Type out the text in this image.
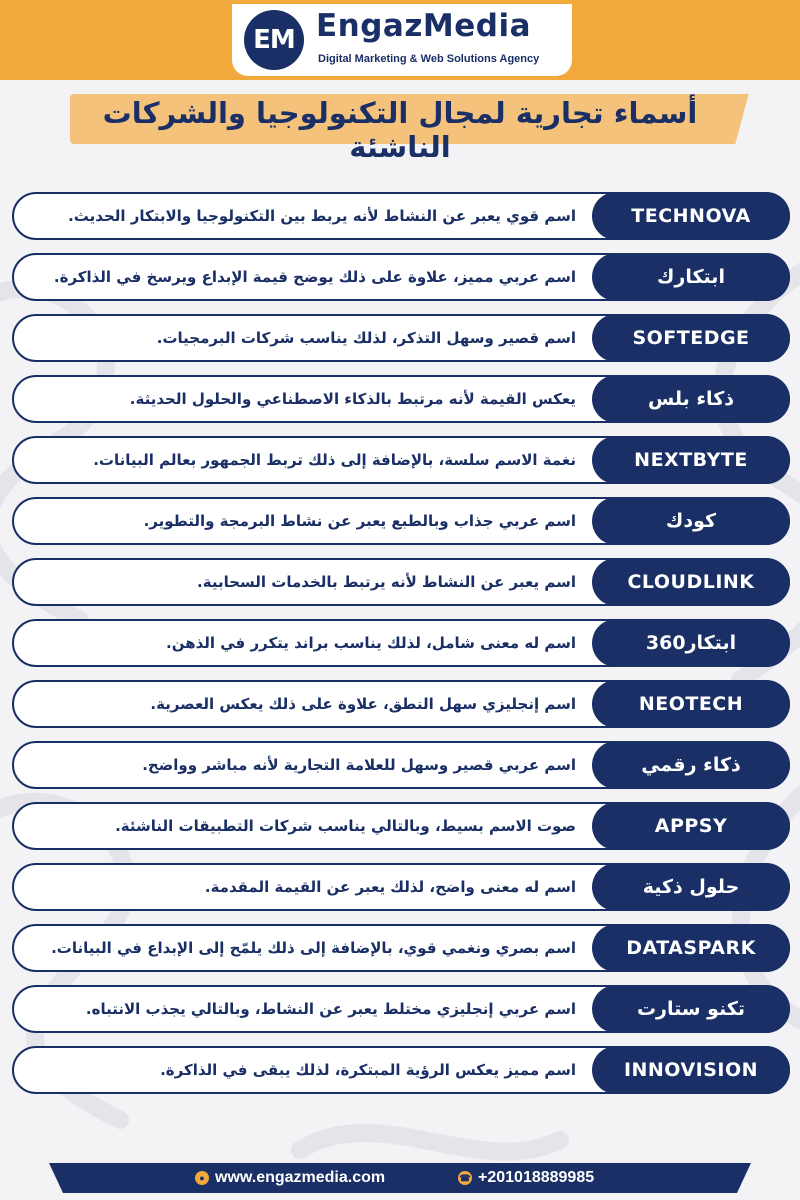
EM EngazMedia
Digital Marketing & Web Solutions Agency
أسماء تجارية لمجال التكنولوجيا والشركات الناشئة
اسم قوي يعبر عن النشاط لأنه يربط بين التكنولوجيا والابتكار الحديث.	TECHNOVA
اسم عربي مميز، علاوة على ذلك يوضح قيمة الإبداع ويرسخ في الذاكرة.	ابتكارك
اسم قصير وسهل التذكر، لذلك يناسب شركات البرمجيات.	SOFTEDGE
يعكس القيمة لأنه مرتبط بالذكاء الاصطناعي والحلول الحديثة.	ذكاء بلس
نغمة الاسم سلسة، بالإضافة إلى ذلك تربط الجمهور بعالم البيانات.	NEXTBYTE
اسم عربي جذاب وبالطبع يعبر عن نشاط البرمجة والتطوير.	كودك
اسم يعبر عن النشاط لأنه يرتبط بالخدمات السحابية.	CLOUDLINK
اسم له معنى شامل، لذلك يناسب براند يتكرر في الذهن.	ابتكار360
اسم إنجليزي سهل النطق، علاوة على ذلك يعكس العصرية.	NEOTECH
اسم عربي قصير وسهل للعلامة التجارية لأنه مباشر وواضح.	ذكاء رقمي
صوت الاسم بسيط، وبالتالي يناسب شركات التطبيقات الناشئة.	APPSY
اسم له معنى واضح، لذلك يعبر عن القيمة المقدمة.	حلول ذكية
اسم بصري ونغمي قوي، بالإضافة إلى ذلك يلمّح إلى الإبداع في البيانات.	DATASPARK
اسم عربي إنجليزي مختلط يعبر عن النشاط، وبالتالي يجذب الانتباه.	تكنو ستارت
اسم مميز يعكس الرؤية المبتكرة، لذلك يبقى في الذاكرة.	INNOVISION
● www.engazmedia.com	☎ +201018889985
